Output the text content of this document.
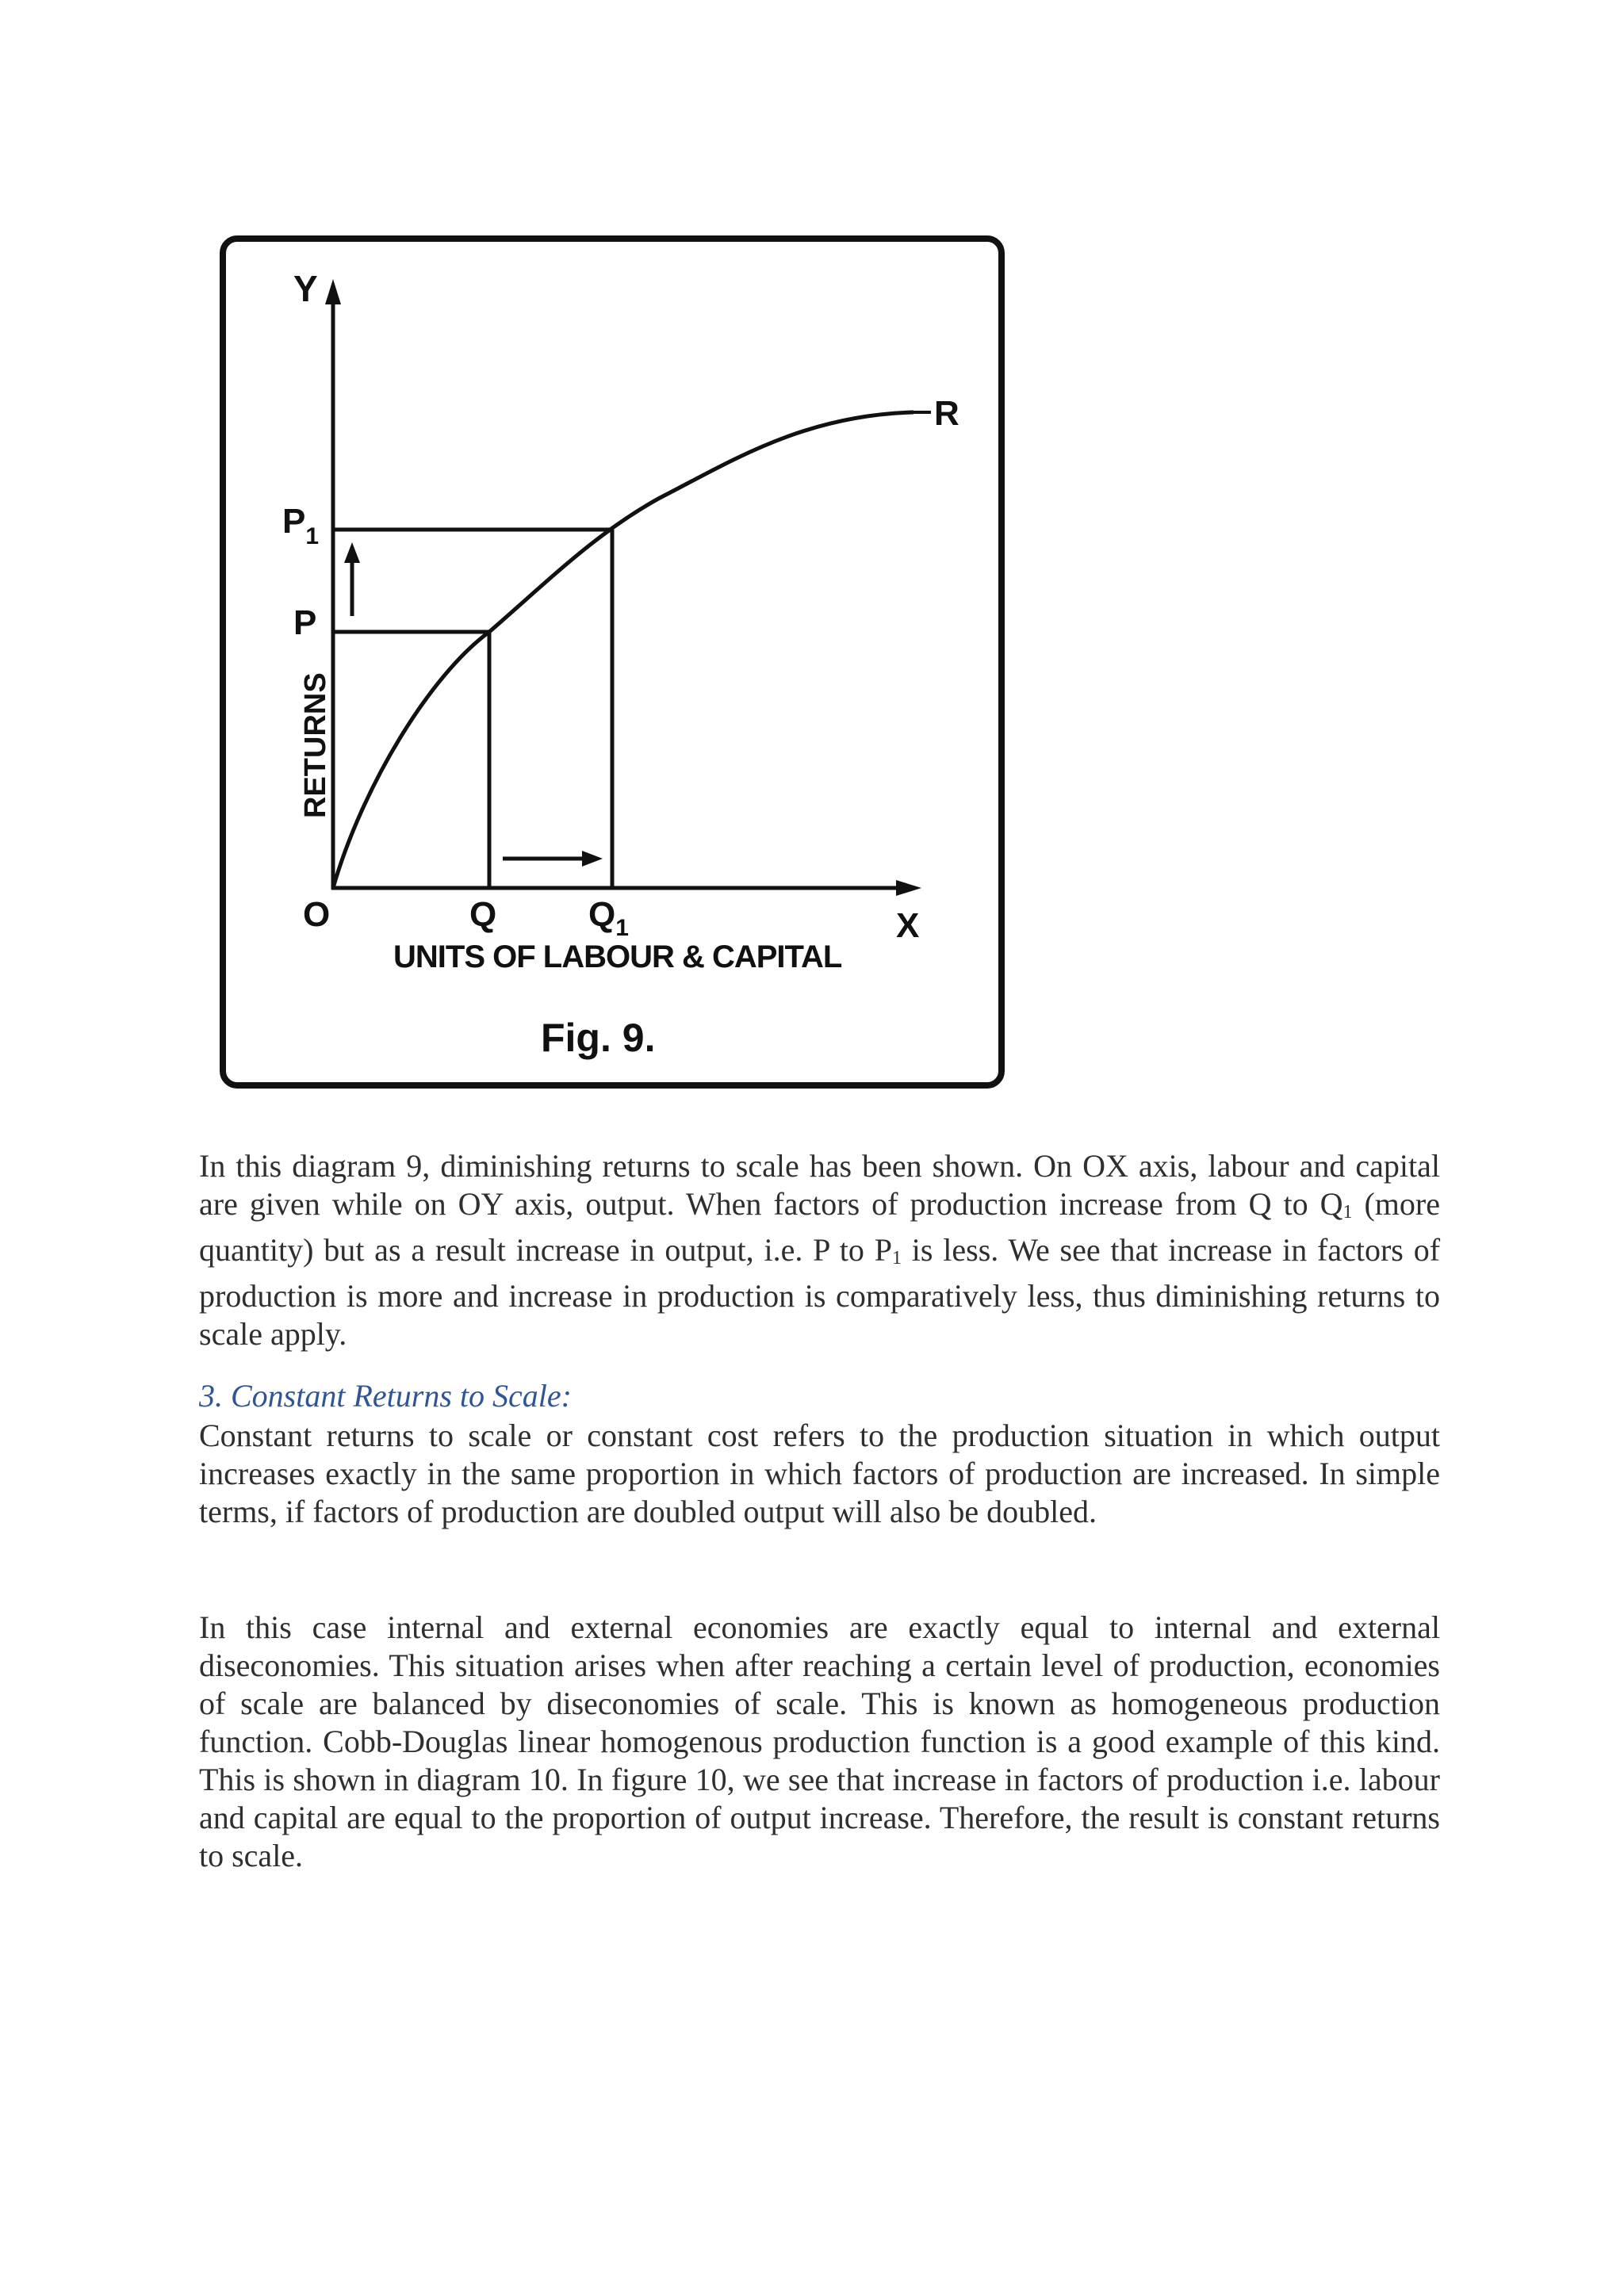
Y
X
O
R
$P_1$
P
Q	$Q_1$
RETURNS
UNITS OF LABOUR & CAPITAL
Fig. 9.

In this diagram 9, diminishing returns to scale has been shown. On OX axis, labour and capital are given while on OY axis, output. When factors of production increase from Q to $Q_1$ (more quantity) but as a result increase in output, i.e. P to $P_1$ is less. We see that increase in factors of production is more and increase in production is comparatively less, thus diminishing returns to scale apply.

3. Constant Returns to Scale:

Constant returns to scale or constant cost refers to the production situation in which output increases exactly in the same proportion in which factors of production are increased. In simple terms, if factors of production are doubled output will also be doubled.

In this case internal and external economies are exactly equal to internal and external diseconomies. This situation arises when after reaching a certain level of production, economies of scale are balanced by diseconomies of scale. This is known as homogeneous production function. Cobb-Douglas linear homogenous production function is a good example of this kind. This is shown in diagram 10. In figure 10, we see that increase in factors of production i.e. labour and capital are equal to the proportion of output increase. Therefore, the result is constant returns to scale.
